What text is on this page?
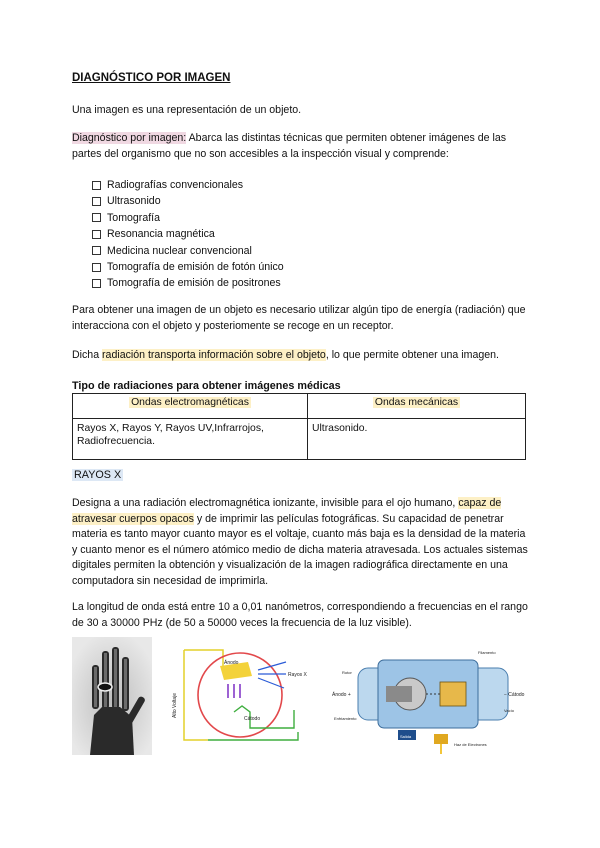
DIAGNÓSTICO POR IMAGEN
Una imagen es una representación de un objeto.
Diagnóstico por imagen: Abarca las distintas técnicas que permiten obtener imágenes de las partes del organismo que no son accesibles a la inspección visual y comprende:
Radiografías convencionales
Ultrasonido
Tomografía
Resonancia magnética
Medicina nuclear convencional
Tomografía de emisión de fotón único
Tomografía de emisión de positrones
Para obtener una imagen de un objeto es necesario utilizar algún tipo de energía (radiación) que interacciona con el objeto y posteriomente se recoge en un receptor.
Dicha radiación transporta información sobre el objeto, lo que permite obtener una imagen.
Tipo de radiaciones para obtener imágenes médicas
Ondas electromagnéticas	Ondas mecánicas
Rayos X, Rayos Y, Rayos UV,Infrarrojos, Radiofrecuencia.	Ultrasonido.
RAYOS X
Designa a una radiación electromagnética ionizante, invisible para el ojo humano, capaz de atravesar cuerpos opacos y de imprimir las películas fotográficas. Su capacidad de penetrar materia es tanto mayor cuanto mayor es el voltaje, cuanto más baja es la densidad de la materia y cuanto menor es el número atómico medio de dicha materia atravesada. Los actuales sistemas digitales permiten la obtención y visualización de la imagen radiográfica directamente en una computadora sin necesidad de imprimirla.
La longitud de onda está entre 10 a 0,01 nanómetros, correspondiendo a frecuencias en el rango de 30 a 30000 PHz (de 50 a 50000 veces la frecuencia de la luz visible).
Ánodo
Rayos X
Cátodo
Alto Voltaje	Ánodo +	− Cátodo
Rotor
Enfriamiento
Filamento
Haz de Electrones
Vacío
Salida
